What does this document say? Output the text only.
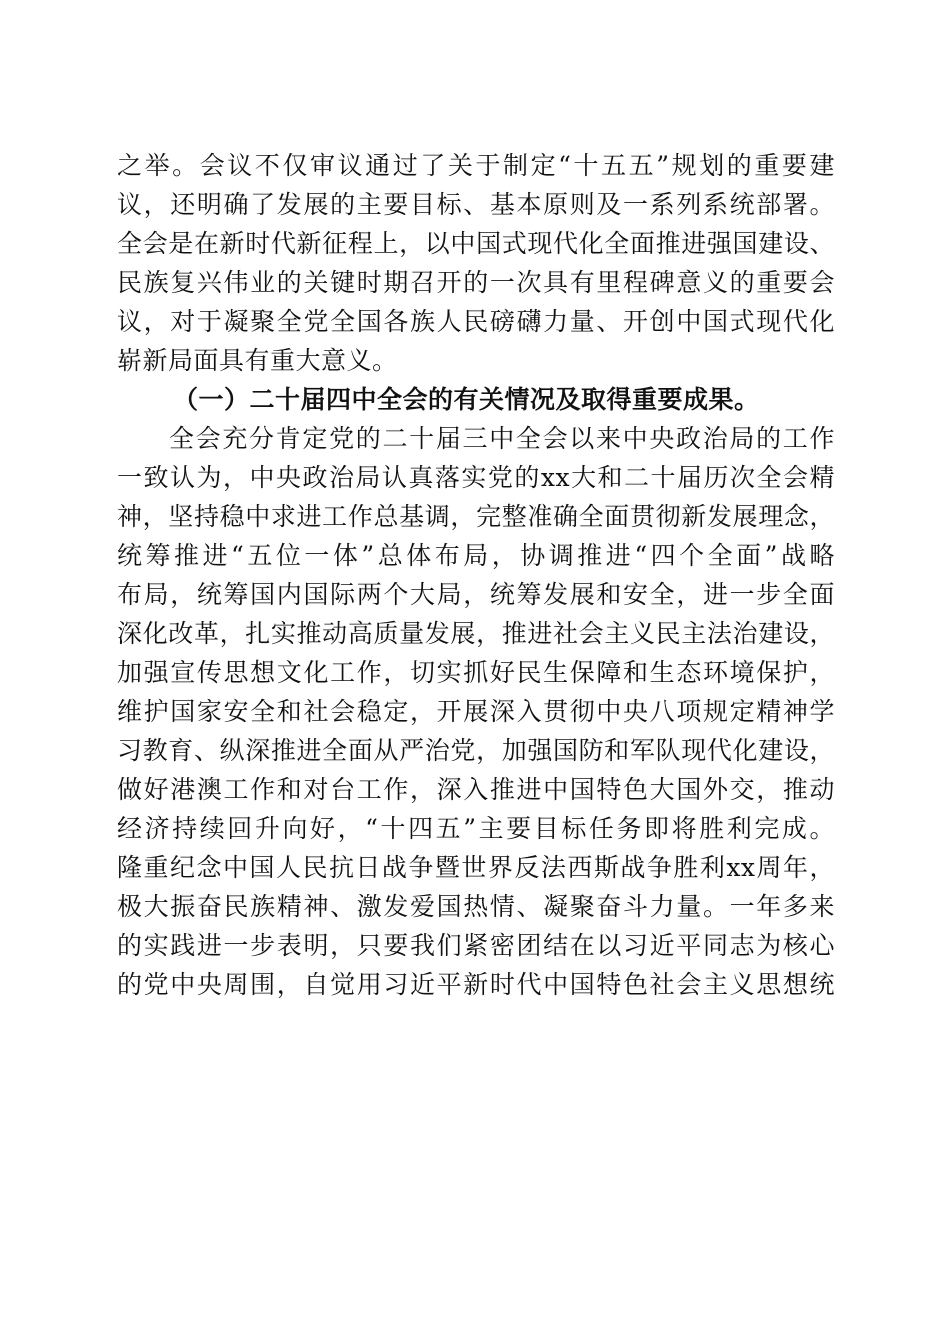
之举。会议不仅审议通过了关于制定“十五五”规划的重要建
议，还明确了发展的主要目标、基本原则及一系列系统部署。
全会是在新时代新征程上，以中国式现代化全面推进强国建设、
民族复兴伟业的关键时期召开的一次具有里程碑意义的重要会
议，对于凝聚全党全国各族人民磅礴力量、开创中国式现代化
崭新局面具有重大意义。
（一）二十届四中全会的有关情况及取得重要成果。
全会充分肯定党的二十届三中全会以来中央政治局的工作
一致认为，中央政治局认真落实党的xx大和二十届历次全会精
神，坚持稳中求进工作总基调，完整准确全面贯彻新发展理念，
统筹推进“五位一体”总体布局，协调推进“四个全面”战略
布局，统筹国内国际两个大局，统筹发展和安全，进一步全面
深化改革，扎实推动高质量发展，推进社会主义民主法治建设，
加强宣传思想文化工作，切实抓好民生保障和生态环境保护，
维护国家安全和社会稳定，开展深入贯彻中央八项规定精神学
习教育、纵深推进全面从严治党，加强国防和军队现代化建设，
做好港澳工作和对台工作，深入推进中国特色大国外交，推动
经济持续回升向好，“十四五”主要目标任务即将胜利完成。
隆重纪念中国人民抗日战争暨世界反法西斯战争胜利xx周年，
极大振奋民族精神、激发爱国热情、凝聚奋斗力量。一年多来
的实践进一步表明，只要我们紧密团结在以习近平同志为核心
的党中央周围，自觉用习近平新时代中国特色社会主义思想统
